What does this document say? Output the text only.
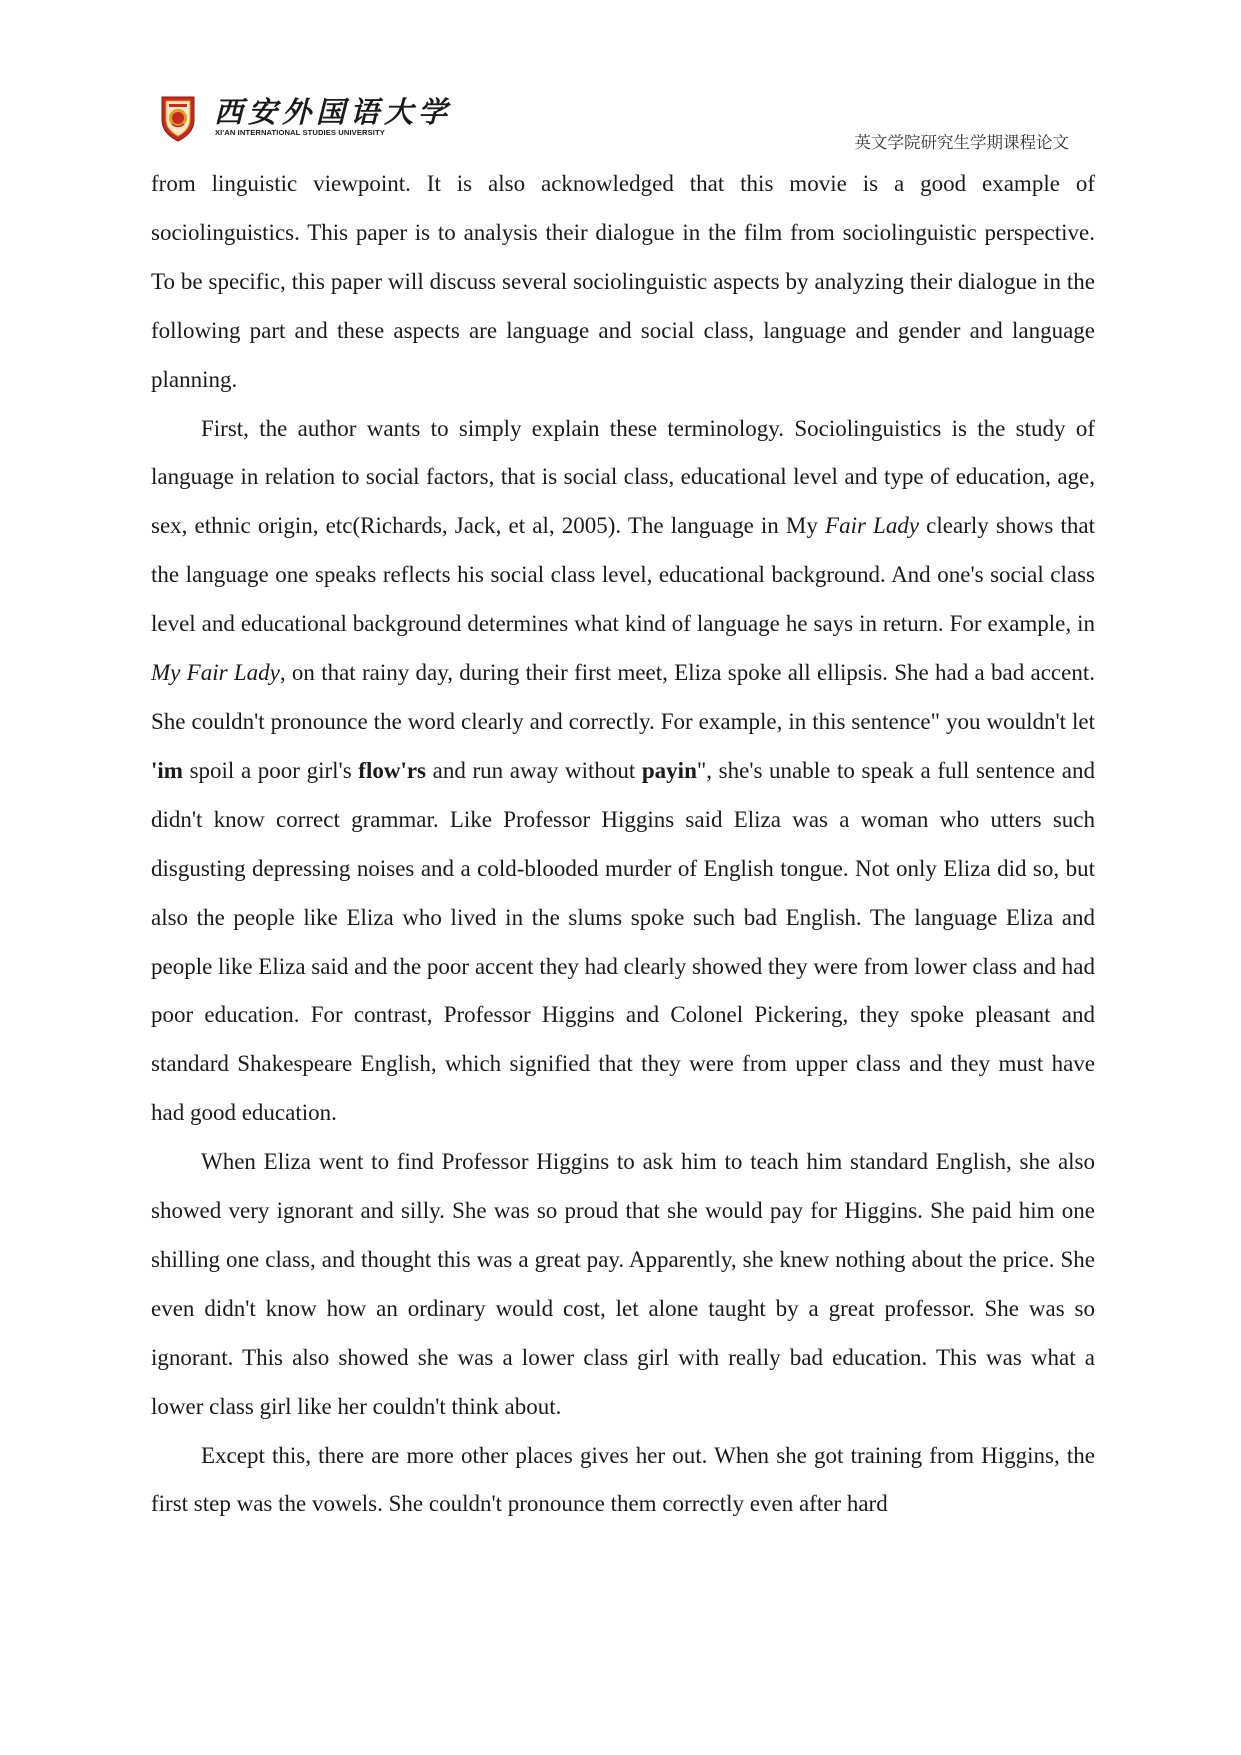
西安外国语大学
XI'AN INTERNATIONAL STUDIES UNIVERSITY
英文学院研究生学期课程论文

from linguistic viewpoint. It is also acknowledged that this movie is a good example of sociolinguistics. This paper is to analysis their dialogue in the film from sociolinguistic perspective. To be specific, this paper will discuss several sociolinguistic aspects by analyzing their dialogue in the following part and these aspects are language and social class, language and gender and language planning.

First, the author wants to simply explain these terminology. Sociolinguistics is the study of language in relation to social factors, that is social class, educational level and type of education, age, sex, ethnic origin, etc(Richards, Jack, et al, 2005). The language in My Fair Lady clearly shows that the language one speaks reflects his social class level, educational background. And one's social class level and educational background determines what kind of language he says in return. For example, in My Fair Lady, on that rainy day, during their first meet, Eliza spoke all ellipsis. She had a bad accent. She couldn't pronounce the word clearly and correctly. For example, in this sentence" you wouldn't let 'im spoil a poor girl's flow'rs and run away without payin", she's unable to speak a full sentence and didn't know correct grammar. Like Professor Higgins said Eliza was a woman who utters such disgusting depressing noises and a cold-blooded murder of English tongue. Not only Eliza did so, but also the people like Eliza who lived in the slums spoke such bad English. The language Eliza and people like Eliza said and the poor accent they had clearly showed they were from lower class and had poor education. For contrast, Professor Higgins and Colonel Pickering, they spoke pleasant and standard Shakespeare English, which signified that they were from upper class and they must have had good education.

When Eliza went to find Professor Higgins to ask him to teach him standard English, she also showed very ignorant and silly. She was so proud that she would pay for Higgins. She paid him one shilling one class, and thought this was a great pay. Apparently, she knew nothing about the price. She even didn't know how an ordinary would cost, let alone taught by a great professor. She was so ignorant. This also showed she was a lower class girl with really bad education. This was what a lower class girl like her couldn't think about.

Except this, there are more other places gives her out. When she got training from Higgins, the first step was the vowels. She couldn't pronounce them correctly even after hard
